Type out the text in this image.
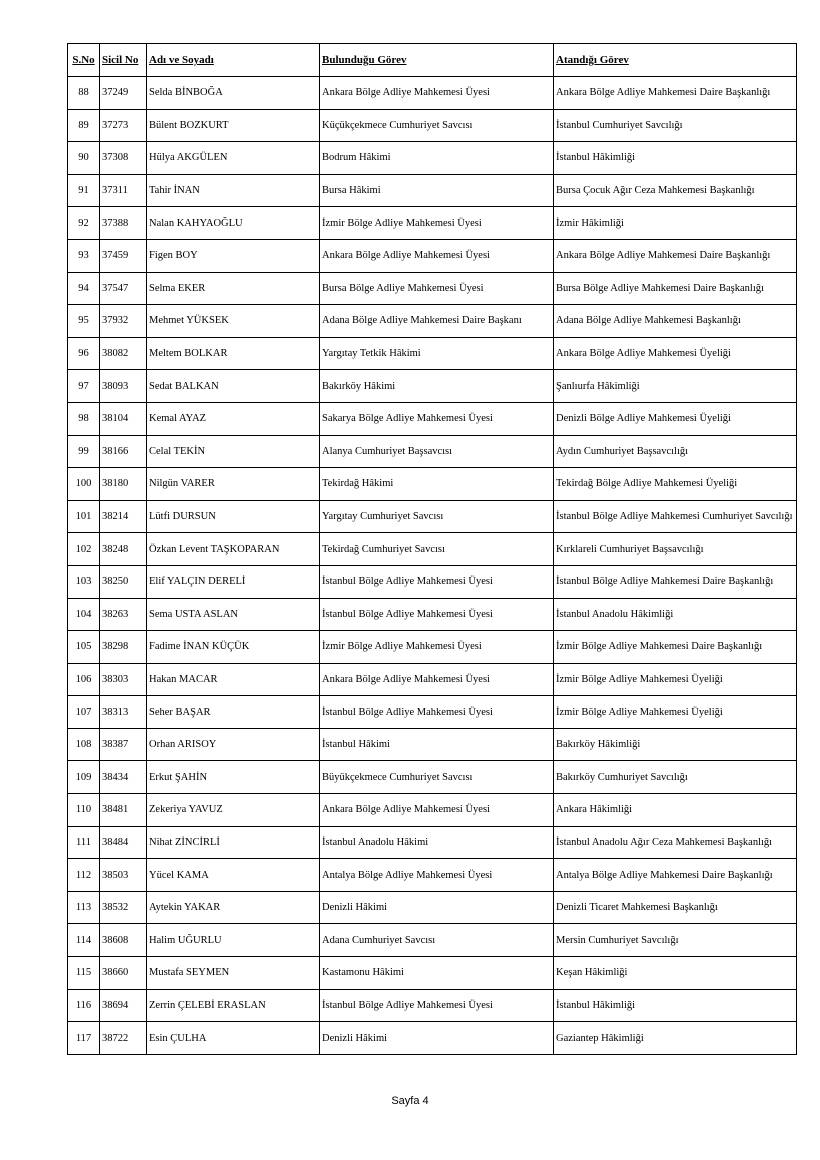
S.No	Sicil No	Adı ve Soyadı	Bulunduğu Görev	Atandığı Görev
88	37249	Selda BİNBOĞA	Ankara Bölge Adliye Mahkemesi Üyesi	Ankara Bölge Adliye Mahkemesi Daire Başkanlığı
89	37273	Bülent BOZKURT	Küçükçekmece Cumhuriyet Savcısı	İstanbul Cumhuriyet Savcılığı
90	37308	Hülya AKGÜLEN	Bodrum Hâkimi	İstanbul Hâkimliği
91	37311	Tahir İNAN	Bursa Hâkimi	Bursa Çocuk Ağır Ceza Mahkemesi Başkanlığı
92	37388	Nalan KAHYAOĞLU	İzmir Bölge Adliye Mahkemesi Üyesi	İzmir Hâkimliği
93	37459	Figen BOY	Ankara Bölge Adliye Mahkemesi Üyesi	Ankara Bölge Adliye Mahkemesi Daire Başkanlığı
94	37547	Selma EKER	Bursa Bölge Adliye Mahkemesi Üyesi	Bursa Bölge Adliye Mahkemesi Daire Başkanlığı
95	37932	Mehmet YÜKSEK	Adana Bölge Adliye Mahkemesi Daire Başkanı	Adana Bölge Adliye Mahkemesi Başkanlığı
96	38082	Meltem BOLKAR	Yargıtay Tetkik Hâkimi	Ankara Bölge Adliye Mahkemesi Üyeliği
97	38093	Sedat BALKAN	Bakırköy Hâkimi	Şanlıurfa Hâkimliği
98	38104	Kemal AYAZ	Sakarya Bölge Adliye Mahkemesi Üyesi	Denizli Bölge Adliye Mahkemesi Üyeliği
99	38166	Celal TEKİN	Alanya Cumhuriyet Başsavcısı	Aydın Cumhuriyet Başsavcılığı
100	38180	Nilgün VARER	Tekirdağ Hâkimi	Tekirdağ Bölge Adliye Mahkemesi Üyeliği
101	38214	Lütfi DURSUN	Yargıtay Cumhuriyet Savcısı	İstanbul Bölge Adliye Mahkemesi Cumhuriyet Savcılığı
102	38248	Özkan Levent TAŞKOPARAN	Tekirdağ Cumhuriyet Savcısı	Kırklareli Cumhuriyet Başsavcılığı
103	38250	Elif YALÇIN DERELİ	İstanbul Bölge Adliye Mahkemesi Üyesi	İstanbul Bölge Adliye Mahkemesi Daire Başkanlığı
104	38263	Sema USTA ASLAN	İstanbul Bölge Adliye Mahkemesi Üyesi	İstanbul Anadolu Hâkimliği
105	38298	Fadime İNAN KÜÇÜK	İzmir Bölge Adliye Mahkemesi Üyesi	İzmir Bölge Adliye Mahkemesi Daire Başkanlığı
106	38303	Hakan MACAR	Ankara Bölge Adliye Mahkemesi Üyesi	İzmir Bölge Adliye Mahkemesi Üyeliği
107	38313	Seher BAŞAR	İstanbul Bölge Adliye Mahkemesi Üyesi	İzmir Bölge Adliye Mahkemesi Üyeliği
108	38387	Orhan ARISOY	İstanbul Hâkimi	Bakırköy Hâkimliği
109	38434	Erkut ŞAHİN	Büyükçekmece Cumhuriyet Savcısı	Bakırköy Cumhuriyet Savcılığı
110	38481	Zekeriya YAVUZ	Ankara Bölge Adliye Mahkemesi Üyesi	Ankara Hâkimliği
111	38484	Nihat ZİNCİRLİ	İstanbul Anadolu Hâkimi	İstanbul Anadolu Ağır Ceza Mahkemesi Başkanlığı
112	38503	Yücel KAMA	Antalya Bölge Adliye Mahkemesi Üyesi	Antalya Bölge Adliye Mahkemesi Daire Başkanlığı
113	38532	Aytekin YAKAR	Denizli Hâkimi	Denizli Ticaret Mahkemesi Başkanlığı
114	38608	Halim UĞURLU	Adana Cumhuriyet Savcısı	Mersin Cumhuriyet Savcılığı
115	38660	Mustafa SEYMEN	Kastamonu Hâkimi	Keşan Hâkimliği
116	38694	Zerrin ÇELEBİ ERASLAN	İstanbul Bölge Adliye Mahkemesi Üyesi	İstanbul Hâkimliği
117	38722	Esin ÇULHA	Denizli Hâkimi	Gaziantep Hâkimliği
Sayfa 4
